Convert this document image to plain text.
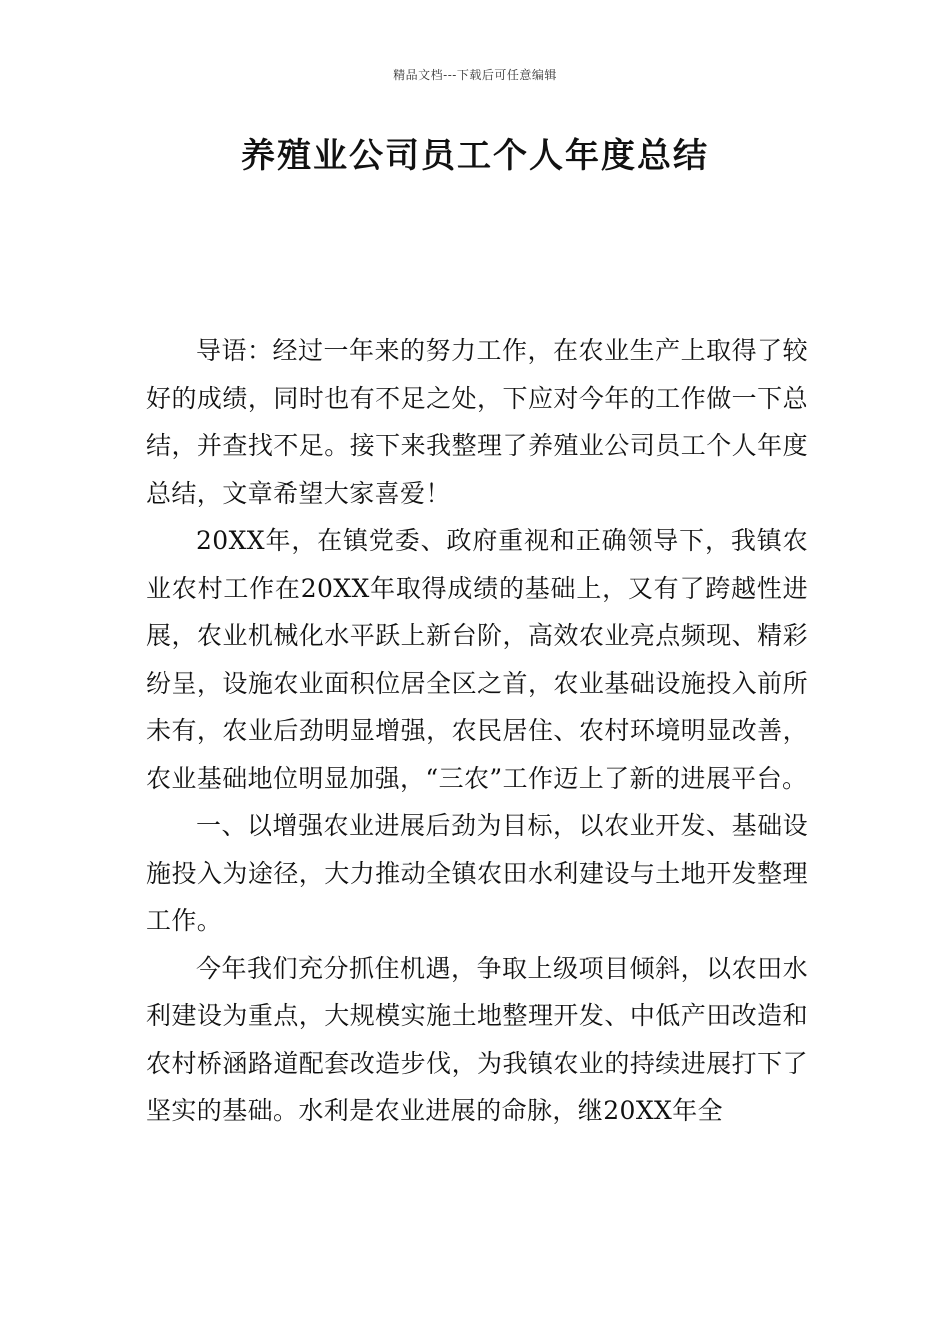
精品文档---下载后可任意编辑
养殖业公司员工个人年度总结

导语：经过一年来的努力工作，在农业生产上取得了较好的成绩，同时也有不足之处，下应对今年的工作做一下总结，并查找不足。接下来我整理了养殖业公司员工个人年度总结，文章希望大家喜爱！

20XX年，在镇党委、政府重视和正确领导下，我镇农业农村工作在20XX年取得成绩的基础上，又有了跨越性进展，农业机械化水平跃上新台阶，高效农业亮点频现、精彩纷呈，设施农业面积位居全区之首，农业基础设施投入前所未有，农业后劲明显增强，农民居住、农村环境明显改善，农业基础地位明显加强，“三农”工作迈上了新的进展平台。

一、以增强农业进展后劲为目标，以农业开发、基础设施投入为途径，大力推动全镇农田水利建设与土地开发整理工作。

今年我们充分抓住机遇，争取上级项目倾斜，以农田水利建设为重点，大规模实施土地整理开发、中低产田改造和农村桥涵路道配套改造步伐，为我镇农业的持续进展打下了坚实的基础。水利是农业进展的命脉，继20XX年全
